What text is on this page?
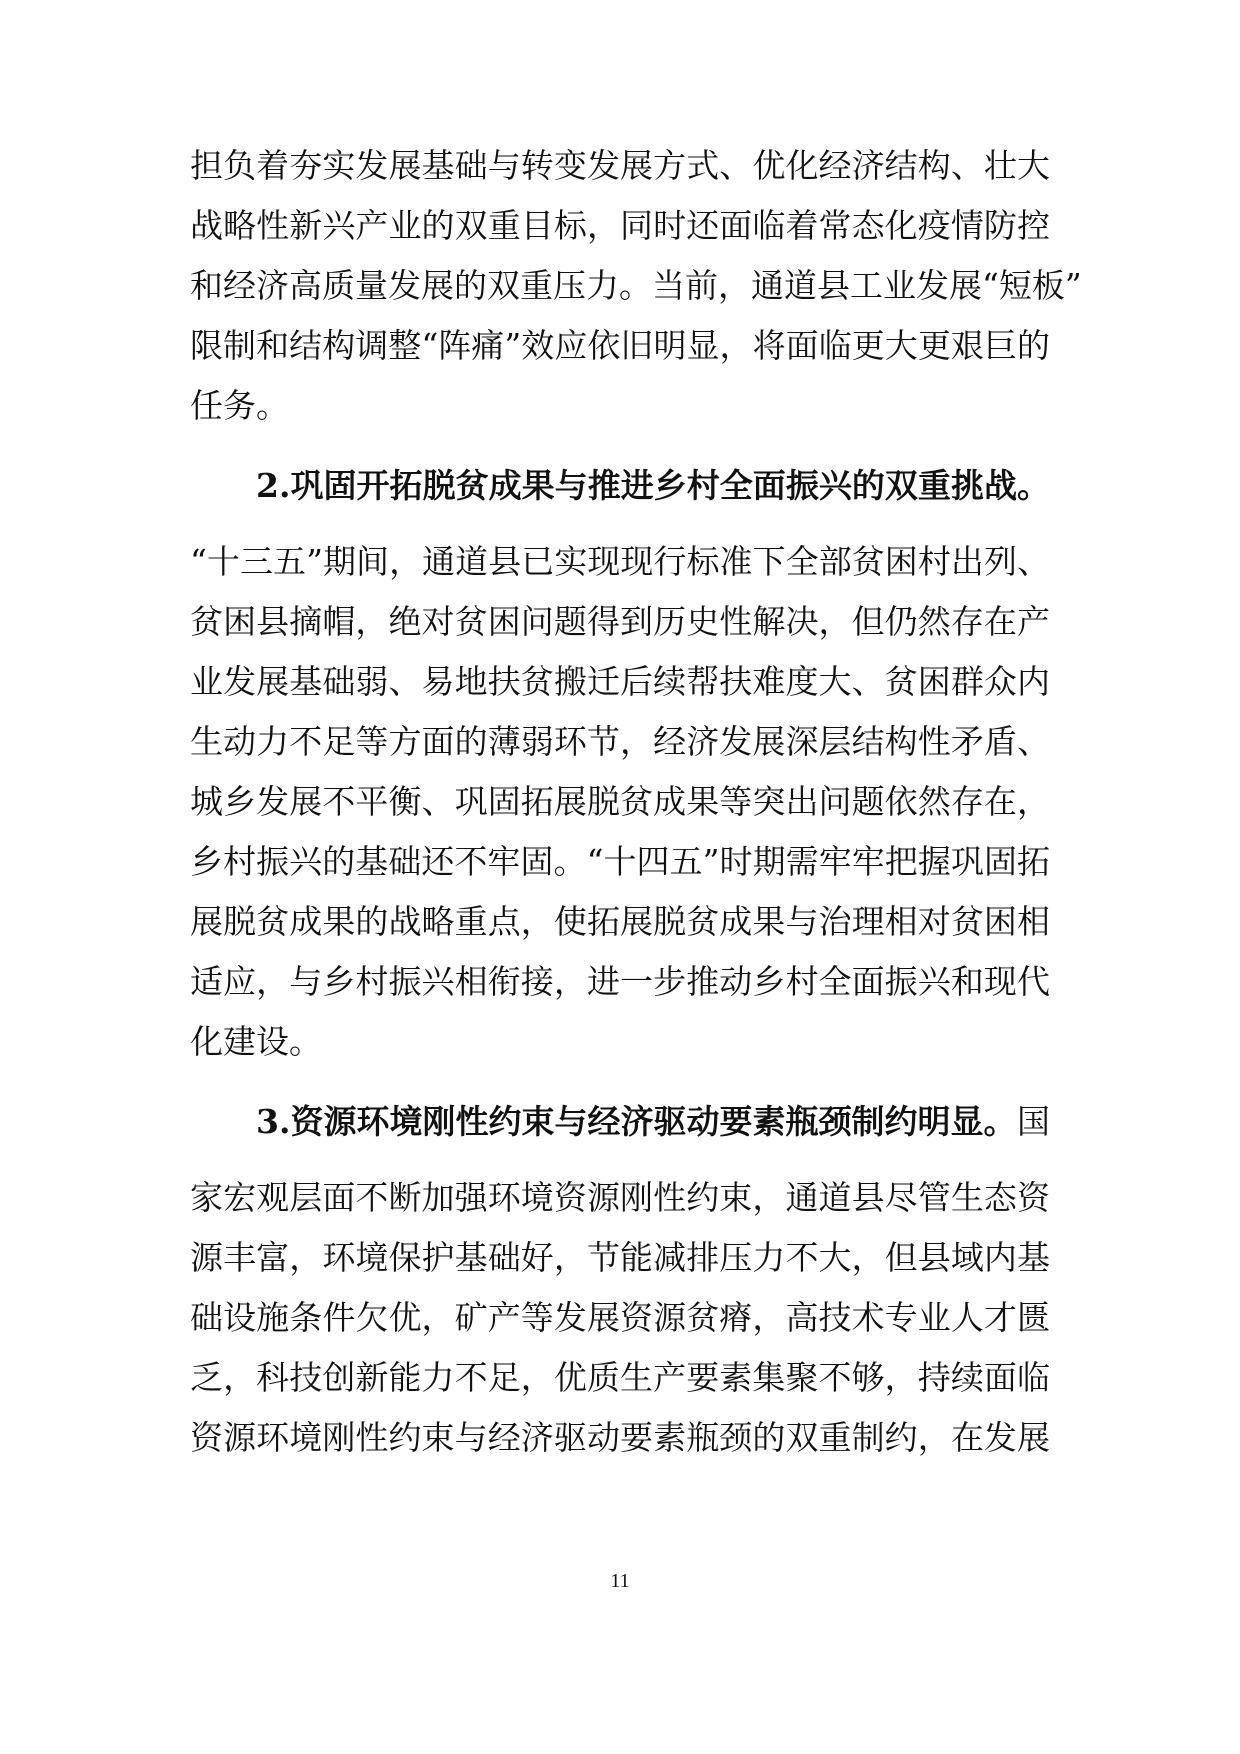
担负着夯实发展基础与转变发展方式、优化经济结构、壮大
战略性新兴产业的双重目标，同时还面临着常态化疫情防控
和经济高质量发展的双重压力。当前，通道县工业发展“短板”
限制和结构调整“阵痛”效应依旧明显，将面临更大更艰巨的
任务。
2.巩固开拓脱贫成果与推进乡村全面振兴的双重挑战。
“十三五”期间，通道县已实现现行标准下全部贫困村出列、
贫困县摘帽，绝对贫困问题得到历史性解决，但仍然存在产
业发展基础弱、易地扶贫搬迁后续帮扶难度大、贫困群众内
生动力不足等方面的薄弱环节，经济发展深层结构性矛盾、
城乡发展不平衡、巩固拓展脱贫成果等突出问题依然存在，
乡村振兴的基础还不牢固。“十四五”时期需牢牢把握巩固拓
展脱贫成果的战略重点，使拓展脱贫成果与治理相对贫困相
适应，与乡村振兴相衔接，进一步推动乡村全面振兴和现代
化建设。
3.资源环境刚性约束与经济驱动要素瓶颈制约明显。 国
家宏观层面不断加强环境资源刚性约束，通道县尽管生态资
源丰富，环境保护基础好，节能减排压力不大，但县域内基
础设施条件欠优，矿产等发展资源贫瘠，高技术专业人才匮
乏，科技创新能力不足，优质生产要素集聚不够，持续面临
资源环境刚性约束与经济驱动要素瓶颈的双重制约，在发展
11
